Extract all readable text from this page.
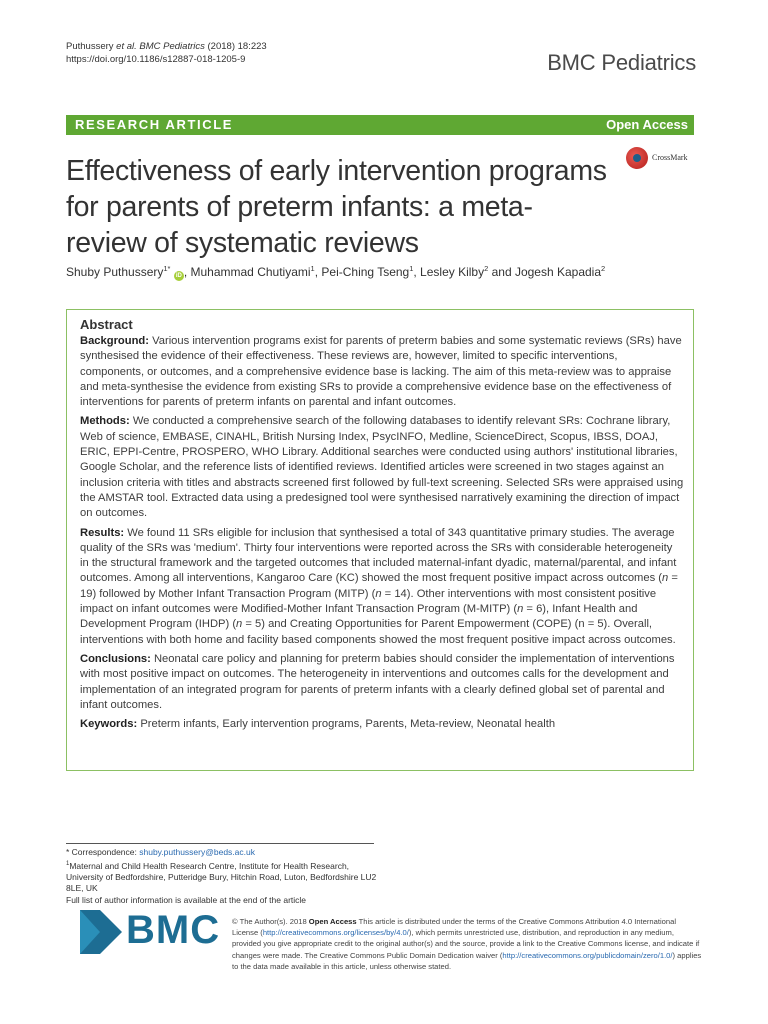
Puthussery et al. BMC Pediatrics (2018) 18:223
https://doi.org/10.1186/s12887-018-1205-9	BMC Pediatrics
RESEARCH ARTICLE	Open Access
Effectiveness of early intervention programs for parents of preterm infants: a meta-review of systematic reviews
CrossMark
Shuby Puthussery$^{1*}$ iD , Muhammad Chutiyami$^1$, Pei-Ching Tseng$^1$, Lesley Kilby$^2$ and Jogesh Kapadia$^2$
Abstract

Background: Various intervention programs exist for parents of preterm babies and some systematic reviews (SRs) have synthesised the evidence of their effectiveness. These reviews are, however, limited to specific interventions, components, or outcomes, and a comprehensive evidence base is lacking. The aim of this meta-review was to appraise and meta-synthesise the evidence from existing SRs to provide a comprehensive evidence base on the effectiveness of interventions for parents of preterm infants on parental and infant outcomes.

Methods: We conducted a comprehensive search of the following databases to identify relevant SRs: Cochrane library, Web of science, EMBASE, CINAHL, British Nursing Index, PsycINFO, Medline, ScienceDirect, Scopus, IBSS, DOAJ, ERIC, EPPI-Centre, PROSPERO, WHO Library. Additional searches were conducted using authors' institutional libraries, Google Scholar, and the reference lists of identified reviews. Identified articles were screened in two stages against an inclusion criteria with titles and abstracts screened first followed by full-text screening. Selected SRs were appraised using the AMSTAR tool. Extracted data using a predesigned tool were synthesised narratively examining the direction of impact on outcomes.

Results: We found 11 SRs eligible for inclusion that synthesised a total of 343 quantitative primary studies. The average quality of the SRs was 'medium'. Thirty four interventions were reported across the SRs with considerable heterogeneity in the structural framework and the targeted outcomes that included maternal-infant dyadic, maternal/parental, and infant outcomes. Among all interventions, Kangaroo Care (KC) showed the most frequent positive impact across outcomes (n = 19) followed by Mother Infant Transaction Program (MITP) (n = 14). Other interventions with most consistent positive impact on infant outcomes were Modified-Mother Infant Transaction Program (M-MITP) (n = 6), Infant Health and Development Program (IHDP) (n = 5) and Creating Opportunities for Parent Empowerment (COPE) (n = 5). Overall, interventions with both home and facility based components showed the most frequent positive impact across outcomes.

Conclusions: Neonatal care policy and planning for preterm babies should consider the implementation of interventions with most positive impact on outcomes. The heterogeneity in interventions and outcomes calls for the development and implementation of an integrated program for parents of preterm infants with a clearly defined global set of parental and infant outcomes.

Keywords: Preterm infants, Early intervention programs, Parents, Meta-review, Neonatal health

* Correspondence: shuby.puthussery@beds.ac.uk
$^1$Maternal and Child Health Research Centre, Institute for Health Research, University of Bedfordshire, Putteridge Bury, Hitchin Road, Luton, Bedfordshire LU2 8LE, UK
Full list of author information is available at the end of the article
BMC © The Author(s). 2018 Open Access This article is distributed under the terms of the Creative Commons Attribution 4.0 International License (http://creativecommons.org/licenses/by/4.0/), which permits unrestricted use, distribution, and reproduction in any medium, provided you give appropriate credit to the original author(s) and the source, provide a link to the Creative Commons license, and indicate if changes were made. The Creative Commons Public Domain Dedication waiver (http://creativecommons.org/publicdomain/zero/1.0/) applies to the data made available in this article, unless otherwise stated.
